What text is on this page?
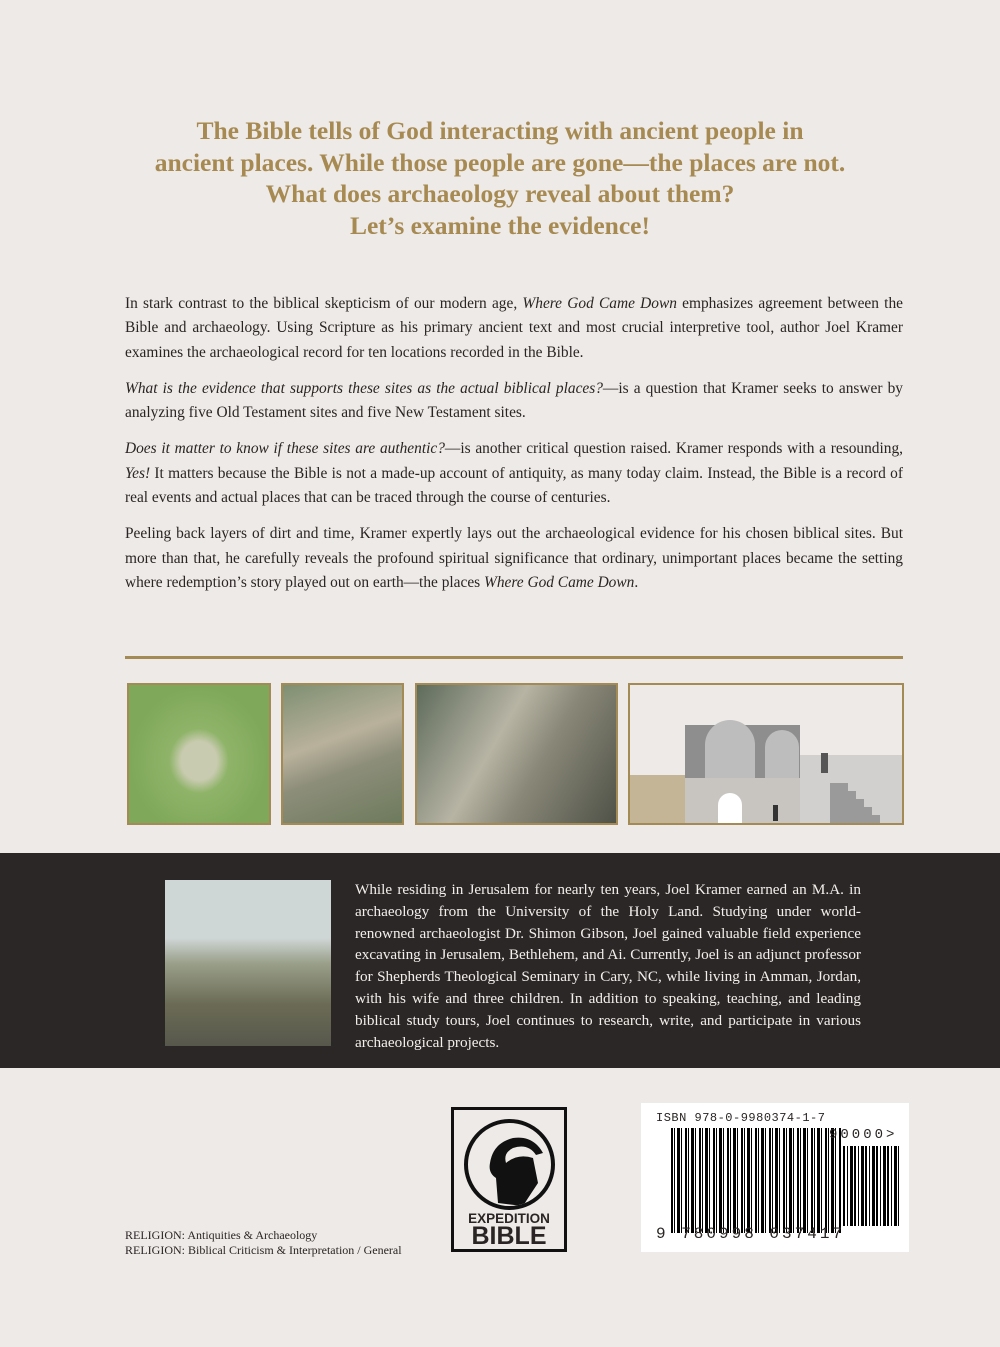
The Bible tells of God interacting with ancient people in
ancient places. While those people are gone—the places are not.
What does archaeology reveal about them?
Let’s examine the evidence!

In stark contrast to the biblical skepticism of our modern age, Where God Came Down emphasizes agreement between the Bible and archaeology. Using Scripture as his primary ancient text and most crucial interpretive tool, author Joel Kramer examines the archaeological record for ten locations recorded in the Bible.

What is the evidence that supports these sites as the actual biblical places?—is a question that Kramer seeks to answer by analyzing five Old Testament sites and five New Testament sites.

Does it matter to know if these sites are authentic?—is another critical question raised. Kramer responds with a resounding, Yes! It matters because the Bible is not a made-up account of antiquity, as many today claim. Instead, the Bible is a record of real events and actual places that can be traced through the course of centuries.

Peeling back layers of dirt and time, Kramer expertly lays out the archaeological evidence for his chosen biblical sites. But more than that, he carefully reveals the profound spiritual significance that ordinary, unimportant places became the setting where redemption’s story played out on earth—the places Where God Came Down.

While residing in Jerusalem for nearly ten years, Joel Kramer earned an M.A. in archaeology from the University of the Holy Land. Studying under world-renowned archaeologist Dr. Shimon Gibson, Joel gained valuable field experience excavating in Jerusalem, Bethlehem, and Ai. Currently, Joel is an adjunct professor for Shepherds Theological Seminary in Cary, NC, while living in Amman, Jordan, with his wife and three children. In addition to speaking, teaching, and leading biblical study tours, Joel continues to research, write, and participate in various archaeological projects.
EXPEDITION
BIBLE
ISBN 978-0-9980374-1-7
90000>
9 780998 037417
RELIGION: Antiquities & Archaeology
RELIGION: Biblical Criticism & Interpretation / General
